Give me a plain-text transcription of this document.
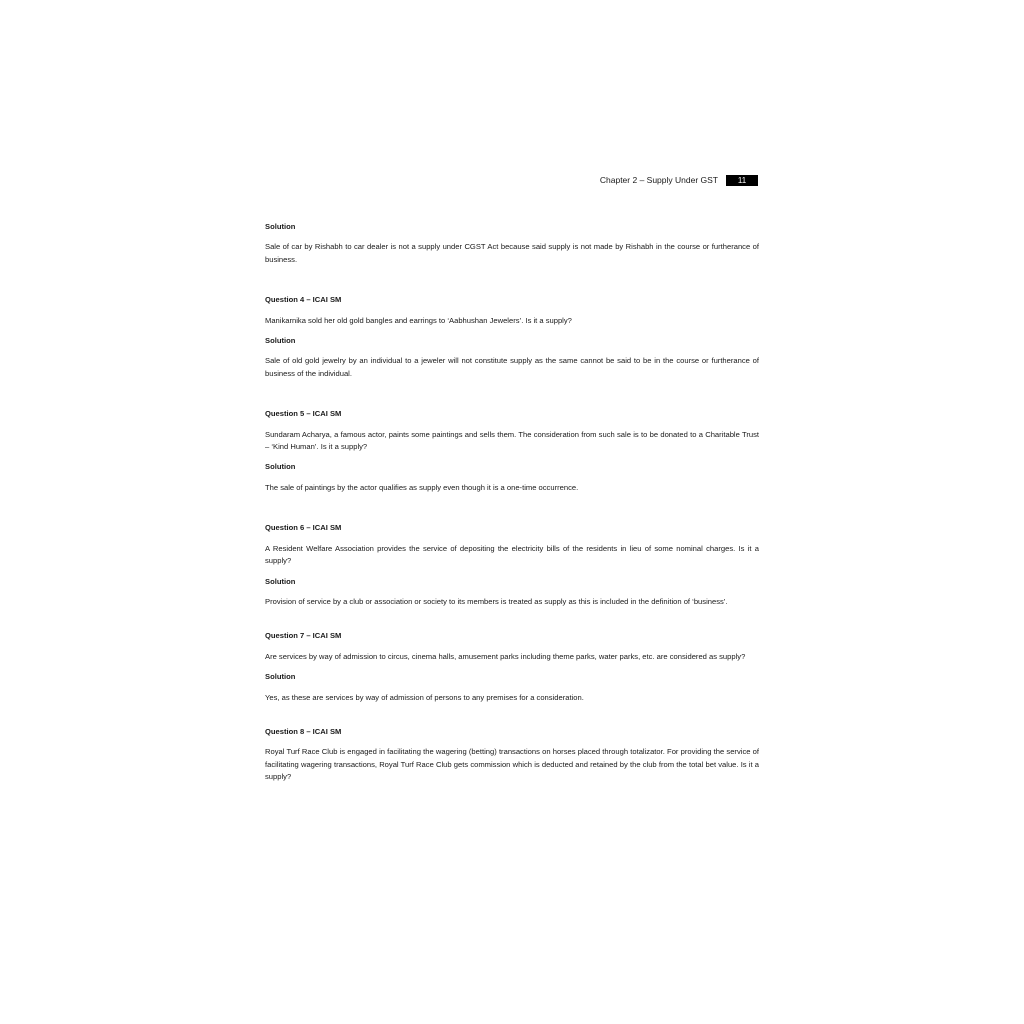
Chapter 2 – Supply Under GST	11

Solution

Sale of car by Rishabh to car dealer is not a supply under CGST Act because said supply is not made by Rishabh in the course or furtherance of business.

Question 4 – ICAI SM

Manikarnika sold her old gold bangles and earrings to ‘Aabhushan Jewelers’. Is it a supply?

Solution

Sale of old gold jewelry by an individual to a jeweler will not constitute supply as the same cannot be said to be in the course or furtherance of business of the individual.

Question 5 – ICAI SM

Sundaram Acharya, a famous actor, paints some paintings and sells them. The consideration from such sale is to be donated to a Charitable Trust – ‘Kind Human’. Is it a supply?

Solution

The sale of paintings by the actor qualifies as supply even though it is a one-time occurrence.

Question 6 – ICAI SM

A Resident Welfare Association provides the service of depositing the electricity bills of the residents in lieu of some nominal charges. Is it a supply?

Solution

Provision of service by a club or association or society to its members is treated as supply as this is included in the definition of ‘business’.

Question 7 – ICAI SM

Are services by way of admission to circus, cinema halls, amusement parks including theme parks, water parks, etc. are considered as supply?

Solution

Yes, as these are services by way of admission of persons to any premises for a consideration.

Question 8 – ICAI SM

Royal Turf Race Club is engaged in facilitating the wagering (betting) transactions on horses placed through totalizator. For providing the service of facilitating wagering transactions, Royal Turf Race Club gets commission which is deducted and retained by the club from the total bet value. Is it a supply?
